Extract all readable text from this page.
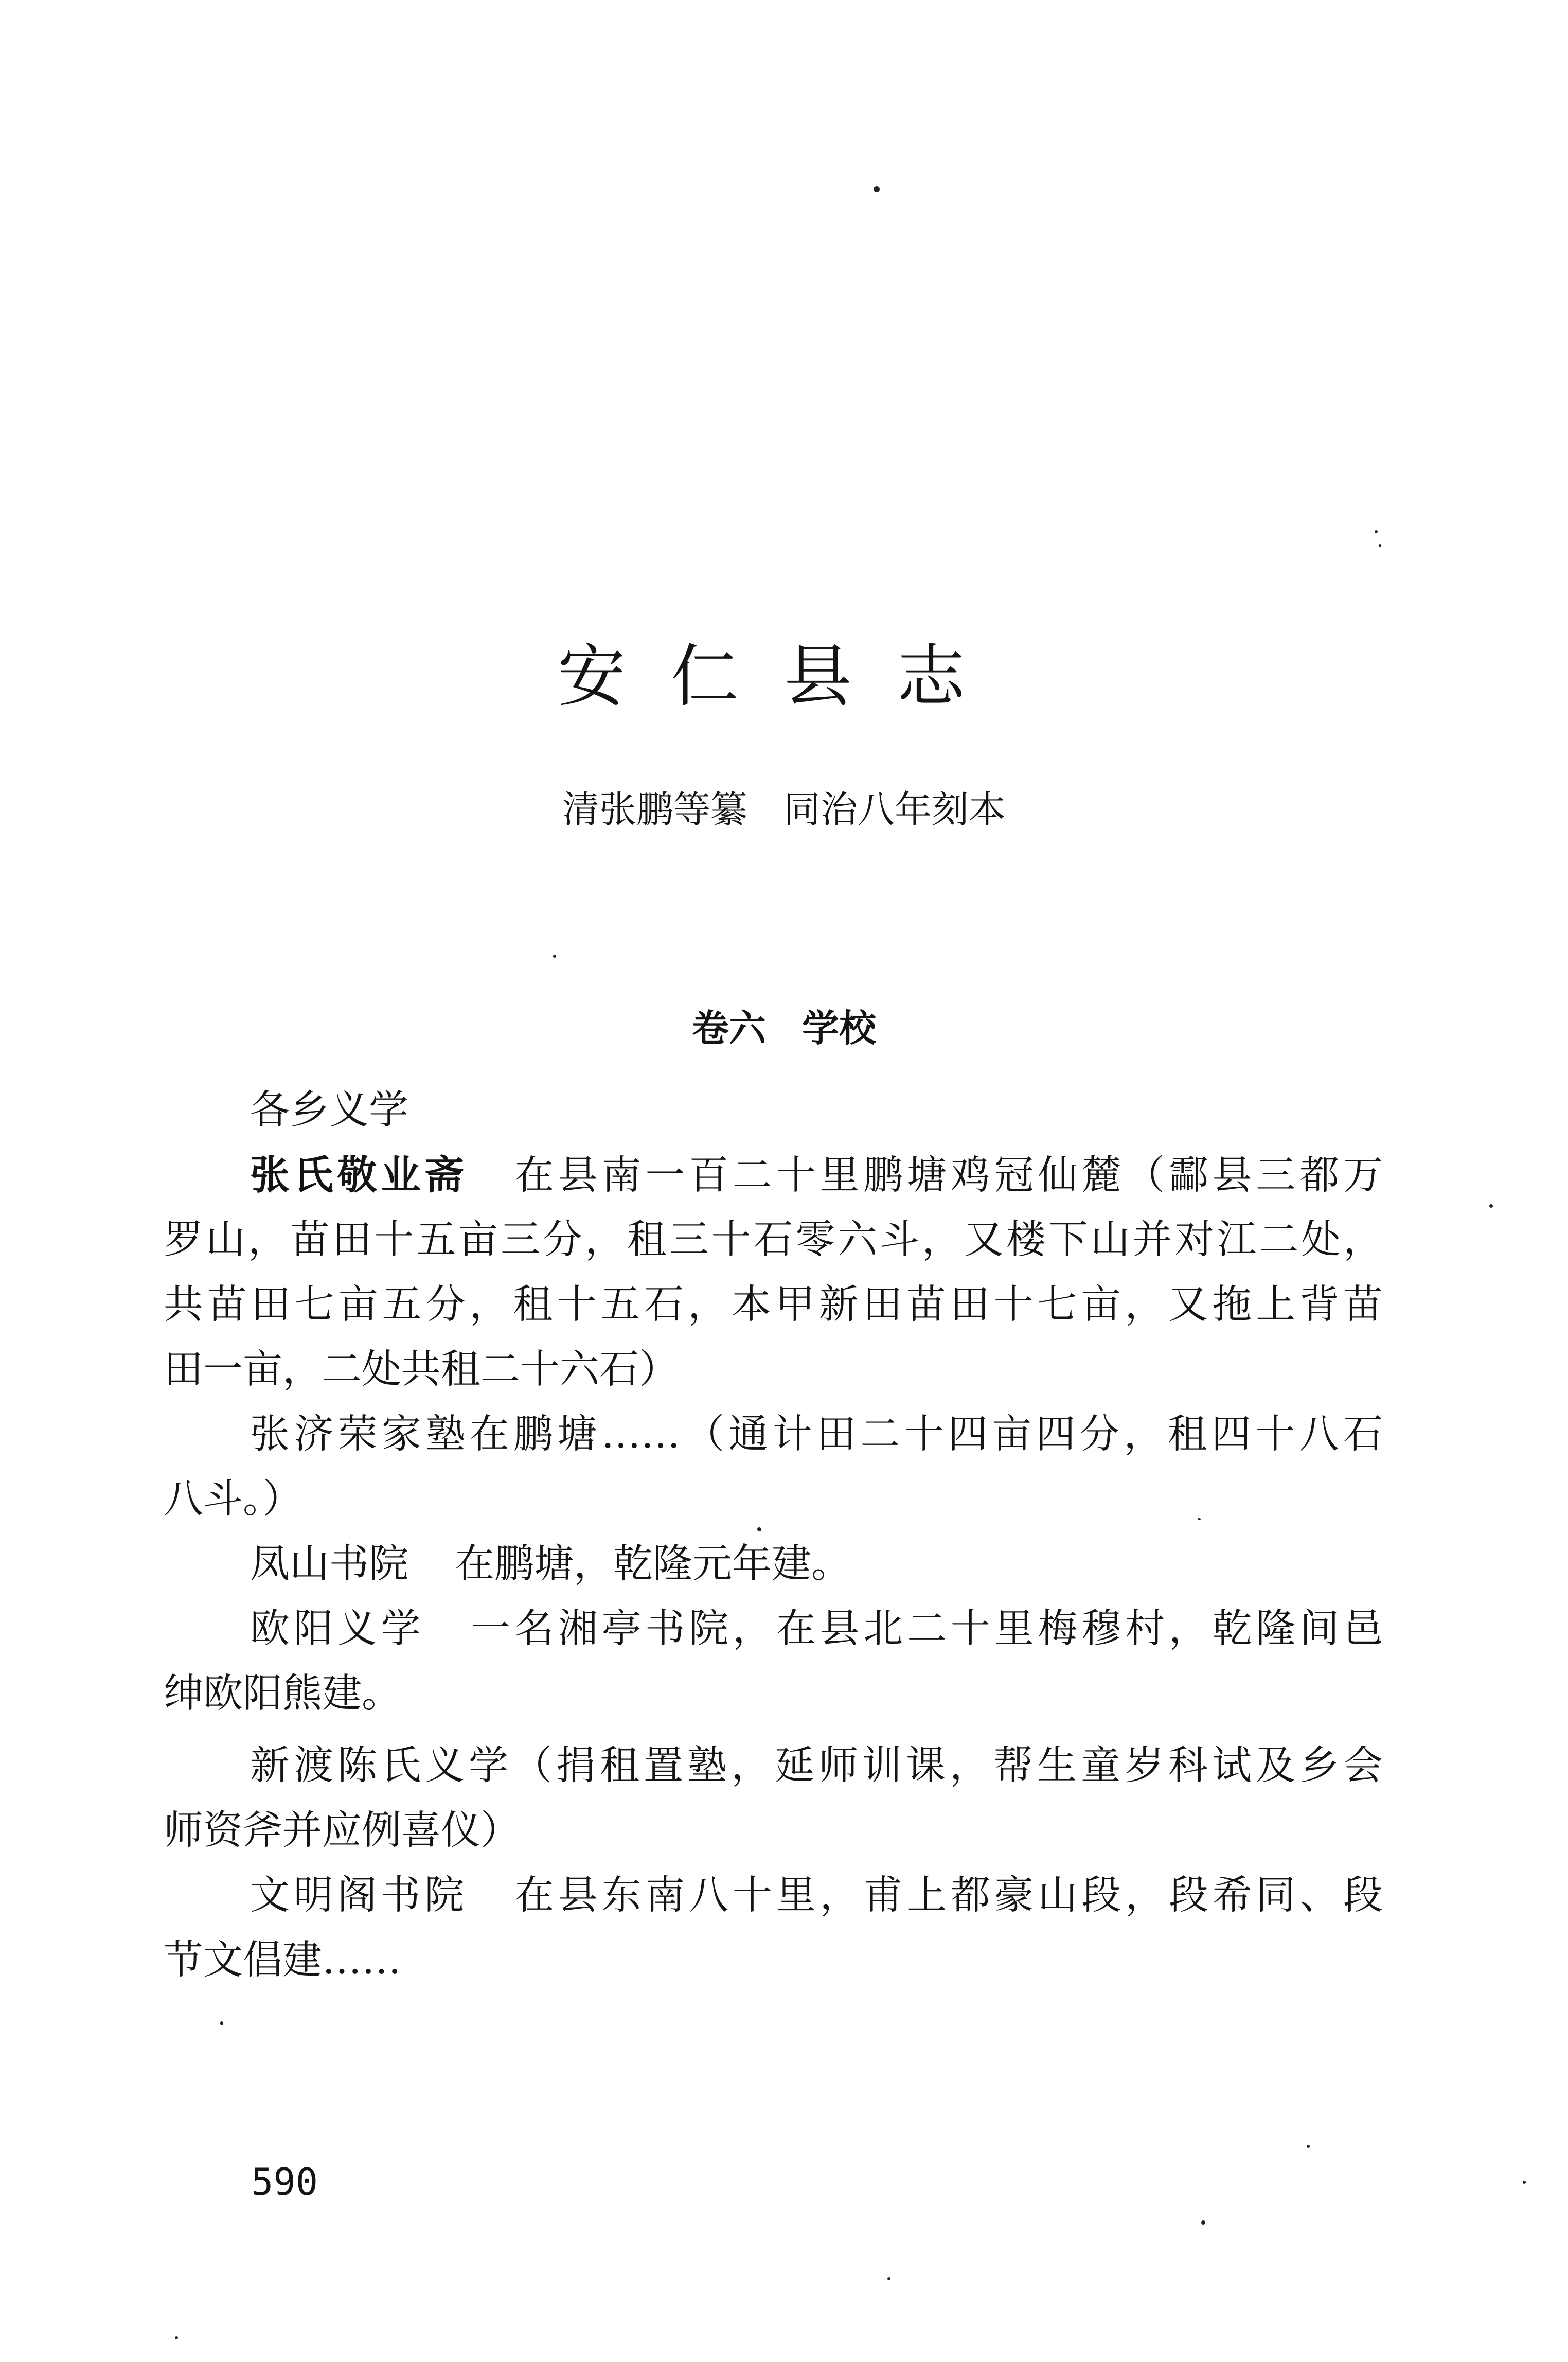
安仁县志
清张鹏等纂 同治八年刻本
卷六 学校
各乡义学
张氏敬业斋 在县南一百二十里鹏塘鸡冠仙麓（酃县三都万
罗山，苗田十五亩三分，租三十石零六斗，又楼下山并对江二处，
共苗田七亩五分，租十五石，本甲新田苗田十七亩，又拖上背苗
田一亩，二处共租二十六石）
张济荣家塾在鹏塘……（通计田二十四亩四分，租四十八石
八斗。）
凤山书院 在鹏塘，乾隆元年建。
欧阳义学 一名湘亭书院，在县北二十里梅穆村，乾隆间邑
绅欧阳熊建。
新渡陈氏义学（捐租置塾，延师训课，帮生童岁科试及乡会
师资斧并应例喜仪）
文明阁书院 在县东南八十里，甫上都豪山段，段希同、段
节文倡建……
590
